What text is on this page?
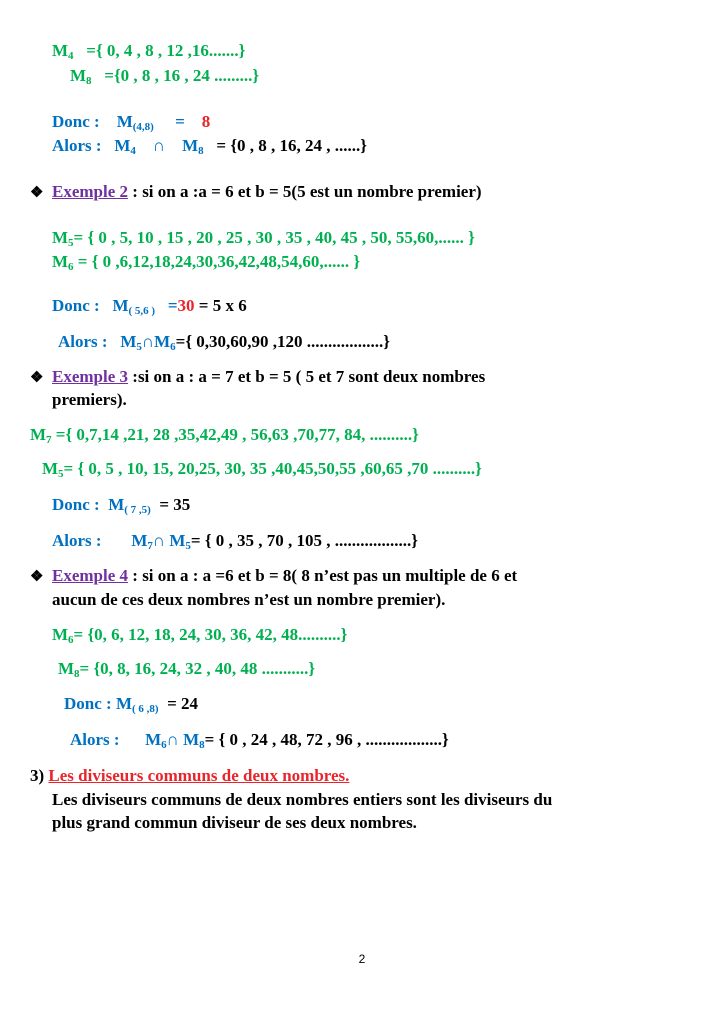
$M_4$ ={ 0, 4 , 8 , 12 ,16.......}
$M_8 =\{0$ , 8 , 16 , 24 .........}
Donc : $M_{(4,8)} = 8$
Alors : $M_4$ ∩ $M_8 = \{0$ , 8 , 16, 24 , ......}
❖ Exemple 2 : si on a :a = 6 et b = 5(5 est un nombre premier)
$M_5=$ { 0 , 5, 10 , 15 , 20 , 25 , 30 , 35 , 40, 45 , 50, 55,60,...... }
$M_6$ = { 0 ,6,12,18,24,30,36,42,48,54,60,...... }
Donc : $M_{( 5,6 )} =30 = 5$ x 6
Alors : $M_5\cap M_6=${ 0,30,60,90 ,120 ..................}
❖ Exemple 3 :si on a : a = 7 et b = 5 ( 5 et 7 sont deux nombres
premiers).
$M_7$ ={ 0,7,14 ,21, 28 ,35,42,49 , 56,63 ,70,77, 84, ..........}
$M_5=$ { 0, 5 , 10, 15, 20,25, 30, 35 ,40,45,50,55 ,60,65 ,70 ..........}
Donc : $M_{( 7 ,5)} = 35$
Alors : $M_7\cap$ $M_5=$ { 0 , 35 , 70 , 105 , ..................}
❖ Exemple 4 : si on a : a =6 et b = 8( 8 n’est pas un multiple de 6 et
aucun de ces deux nombres n’est un nombre premier).
$M_6= \{0$, 6, 12, 18, 24, 30, 36, 42, 48..........}
$M_8= \{0$, 8, 16, 24, 32 , 40, 48 ...........}
Donc : $M_{( 6 ,8)} = 24$
Alors : $M_6\cap$ $M_8=$ { 0 , 24 , 48, 72 , 96 , ..................}
3) Les diviseurs communs de deux nombres.
Les diviseurs communs de deux nombres entiers sont les diviseurs du
plus grand commun diviseur de ses deux nombres.
2
